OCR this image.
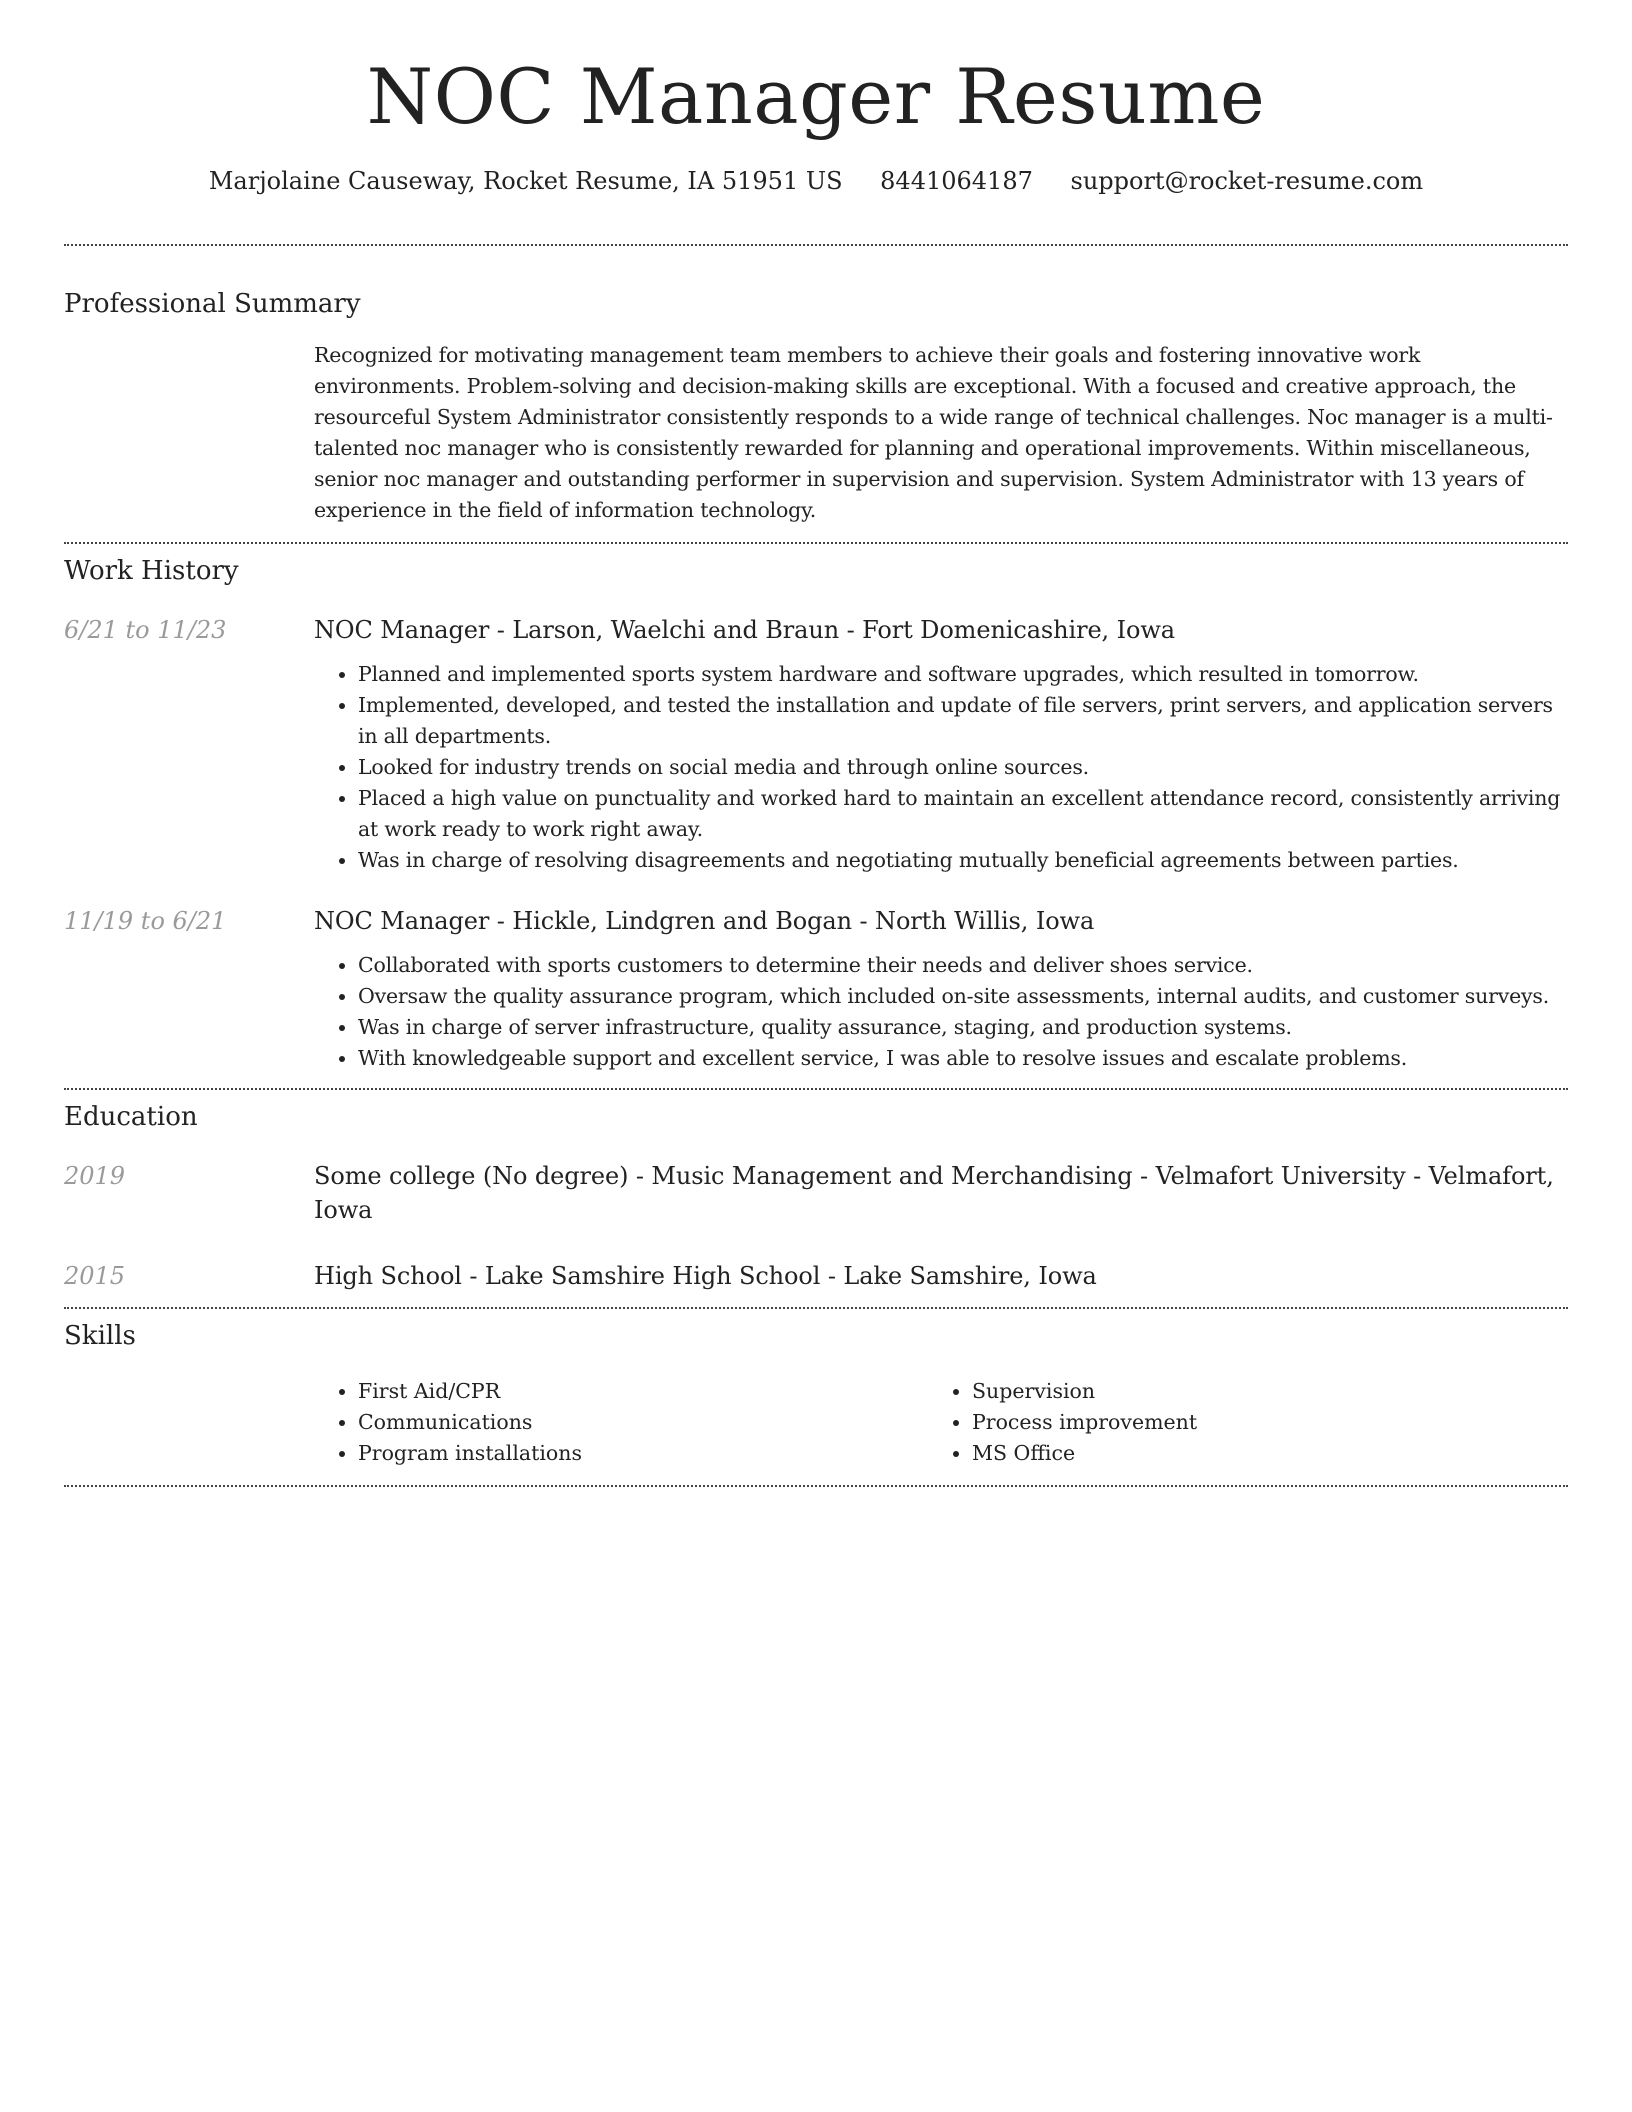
NOC Manager Resume
Marjolaine Causeway, Rocket Resume, IA 51951 US 8441064187 support@rocket-resume.com
Professional Summary

Recognized for motivating management team members to achieve their goals and fostering innovative work environments. Problem-solving and decision-making skills are exceptional. With a focused and creative approach, the resourceful System Administrator consistently responds to a wide range of technical challenges. Noc manager is a multi-talented noc manager who is consistently rewarded for planning and operational improvements. Within miscellaneous, senior noc manager and outstanding performer in supervision and supervision. System Administrator with 13 years of experience in the field of information technology.

Work History
6/21 to 11/23	NOC Manager - Larson, Waelchi and Braun - Fort Domenicashire, Iowa
• Planned and implemented sports system hardware and software upgrades, which resulted in tomorrow.
• Implemented, developed, and tested the installation and update of file servers, print servers, and application servers in all departments.
• Looked for industry trends on social media and through online sources.
• Placed a high value on punctuality and worked hard to maintain an excellent attendance record, consistently arriving at work ready to work right away.
• Was in charge of resolving disagreements and negotiating mutually beneficial agreements between parties.
11/19 to 6/21	NOC Manager - Hickle, Lindgren and Bogan - North Willis, Iowa
• Collaborated with sports customers to determine their needs and deliver shoes service.
• Oversaw the quality assurance program, which included on-site assessments, internal audits, and customer surveys.
• Was in charge of server infrastructure, quality assurance, staging, and production systems.
• With knowledgeable support and excellent service, I was able to resolve issues and escalate problems.
Education
2019	Some college (No degree) - Music Management and Merchandising - Velmafort University - Velmafort, Iowa
2015	High School - Lake Samshire High School - Lake Samshire, Iowa
Skills
• First Aid/CPR
• Communications
• Program installations
• Supervision
• Process improvement
• MS Office
